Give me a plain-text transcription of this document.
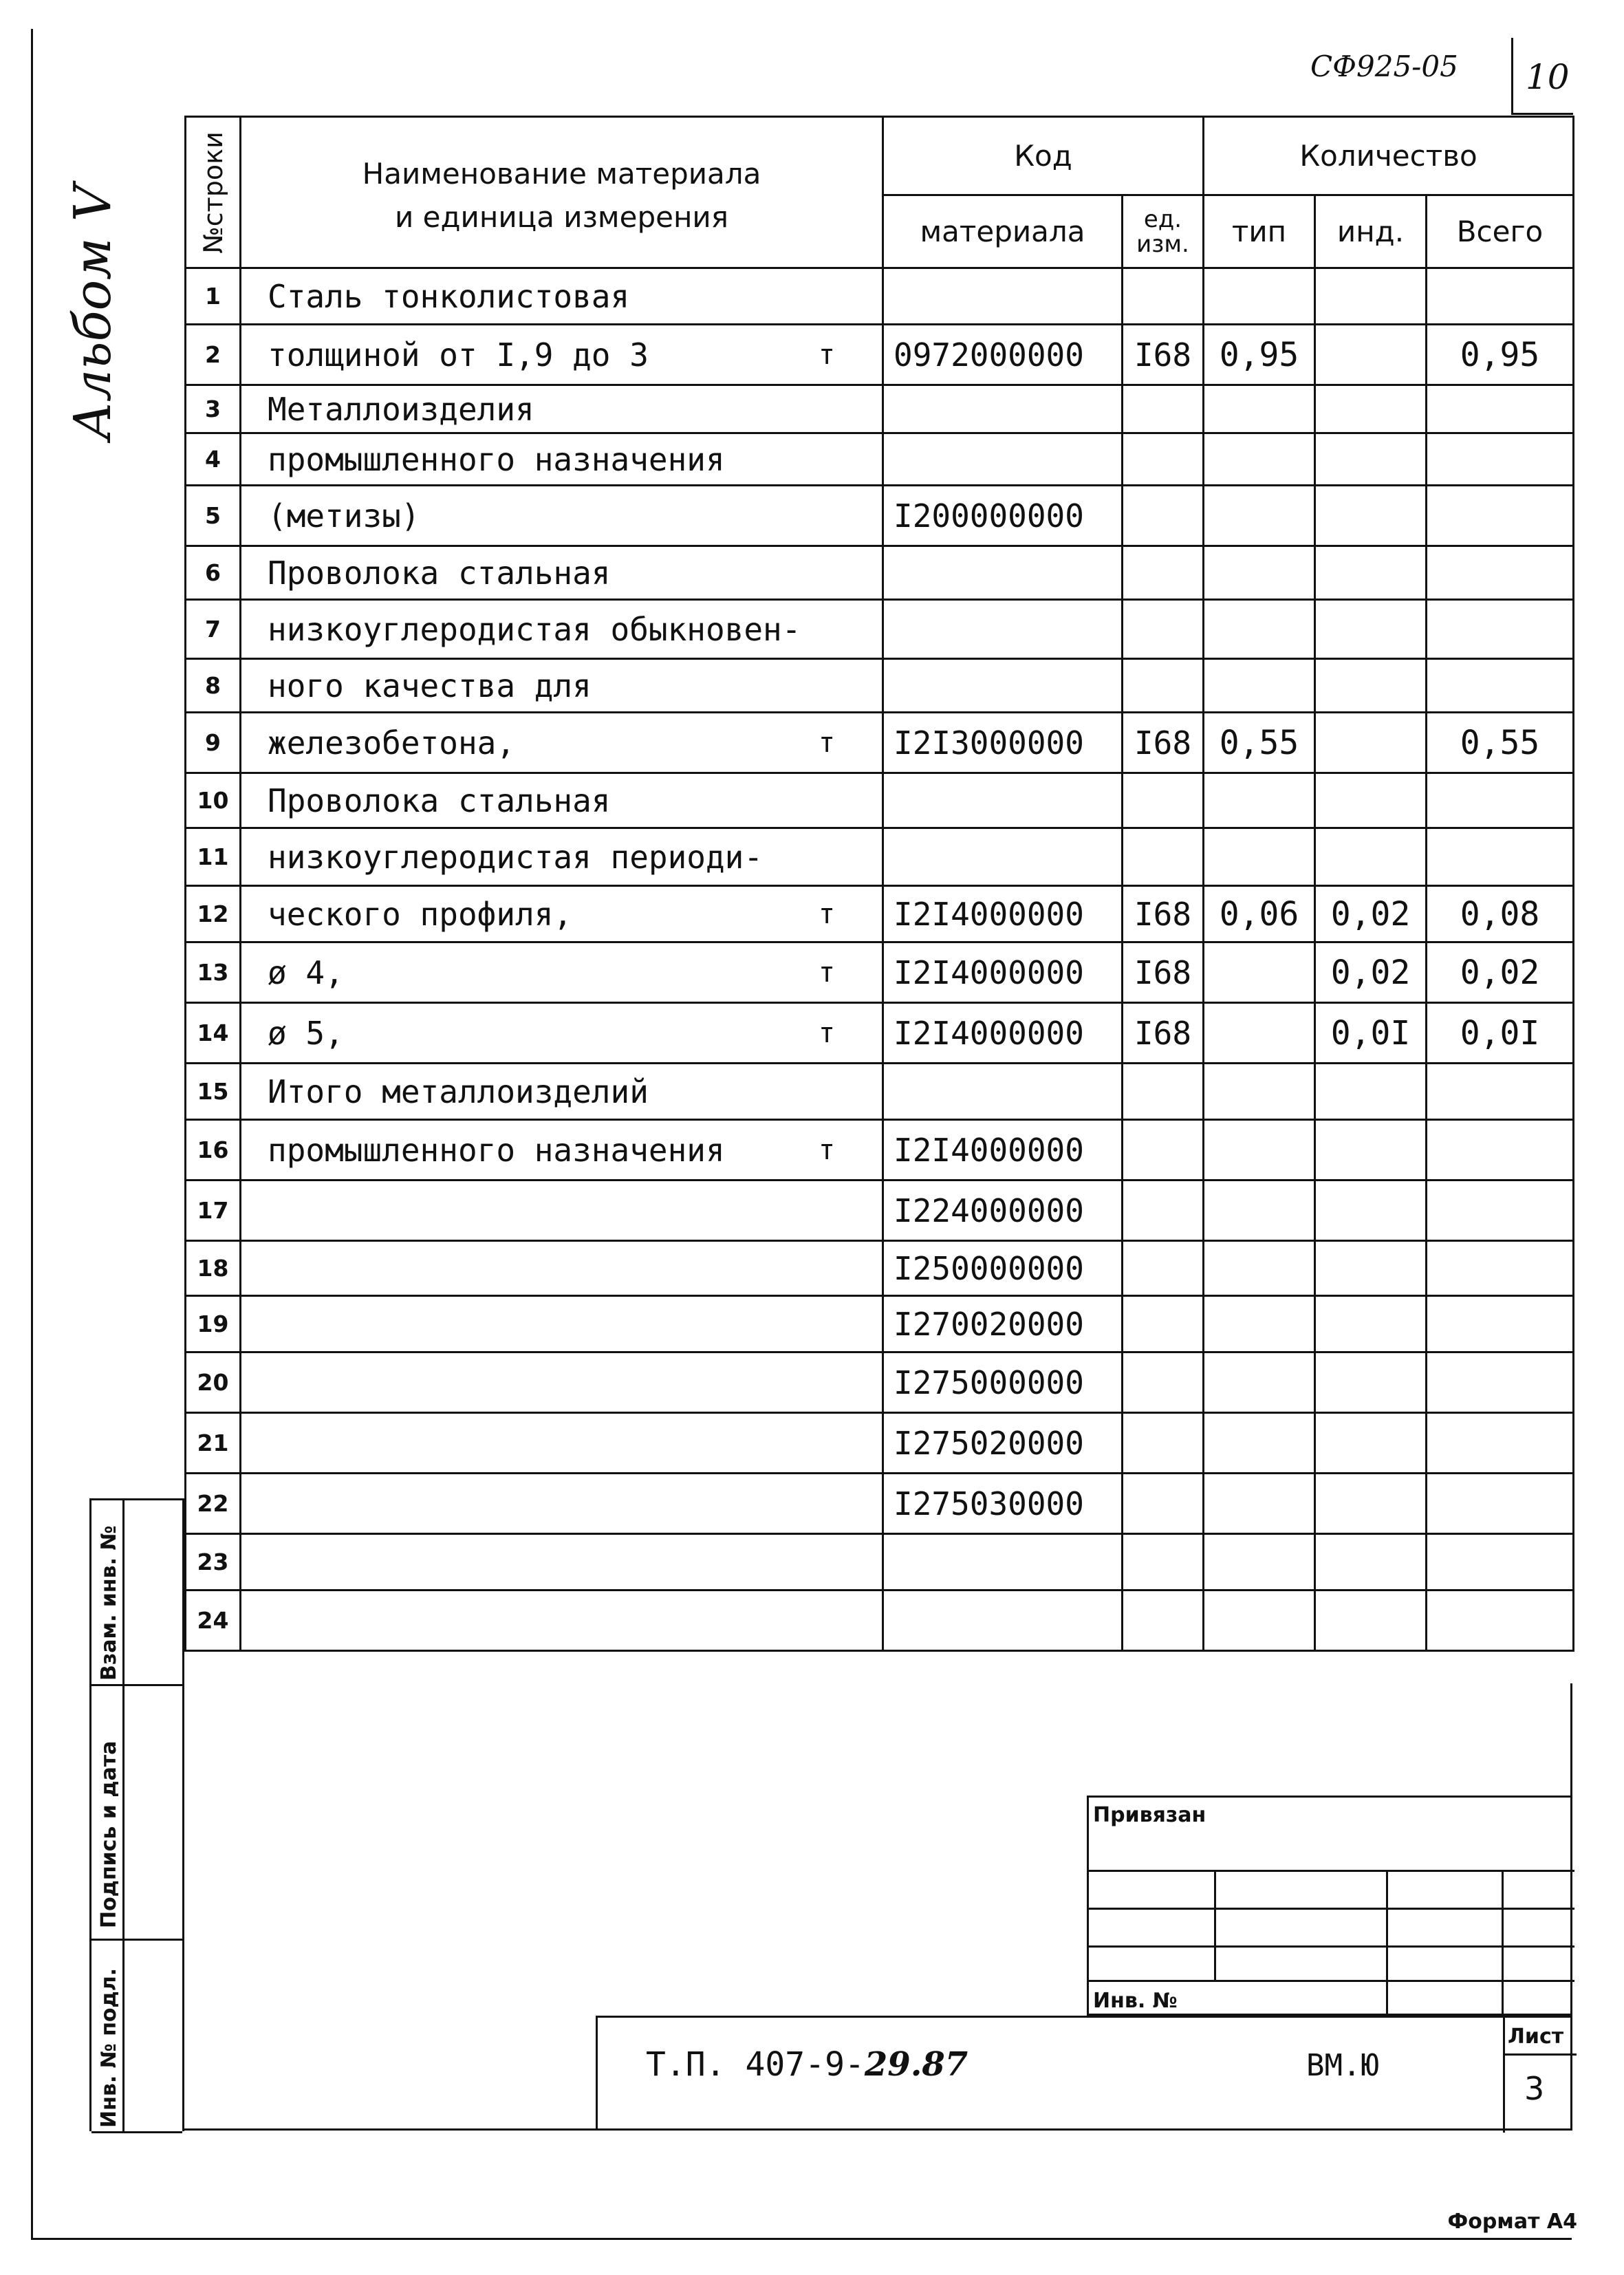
10
СФ925-05
Альбом V	№строки	Наименование материала
и единица измерения	Код		Количество		
		материала	ед. изм.	тип	инд.	Всего
1	Сталь тонколистовая

2	толщиной от I,9 до 3 т	0972000000	I68	0,95		0,95
3	Металлоизделия

4	промышленного назначения

5	(метизы)	I200000000				
6	Проволока стальная

7	низкоуглеродистая обыкновен-

8	ного качества для

9	железобетона, т	I2I3000000	I68	0,55		0,55
10	Проволока стальная

11	низкоуглеродистая периоди-

12	ческого профиля, т	I2I4000000	I68	0,06	0,02	0,08
13	ø 4, т	I2I4000000	I68		0,02	0,02
14	ø 5, т	I2I4000000	I68		0,0I	0,0I
15	Итого металлоизделий

16	промышленного назначения т	I2I4000000				
17		I224000000				
18		I250000000				
19		I270020000				
20		I275000000				
21		I275020000				
22		I275030000				
23	

24	

Взам. инв. №
Подпись и дата
Инв. № подл.
Привязан
Инв. №
Т.П. 407-9-29.87	ВМ.Ю
Лист
3
Формат А4
